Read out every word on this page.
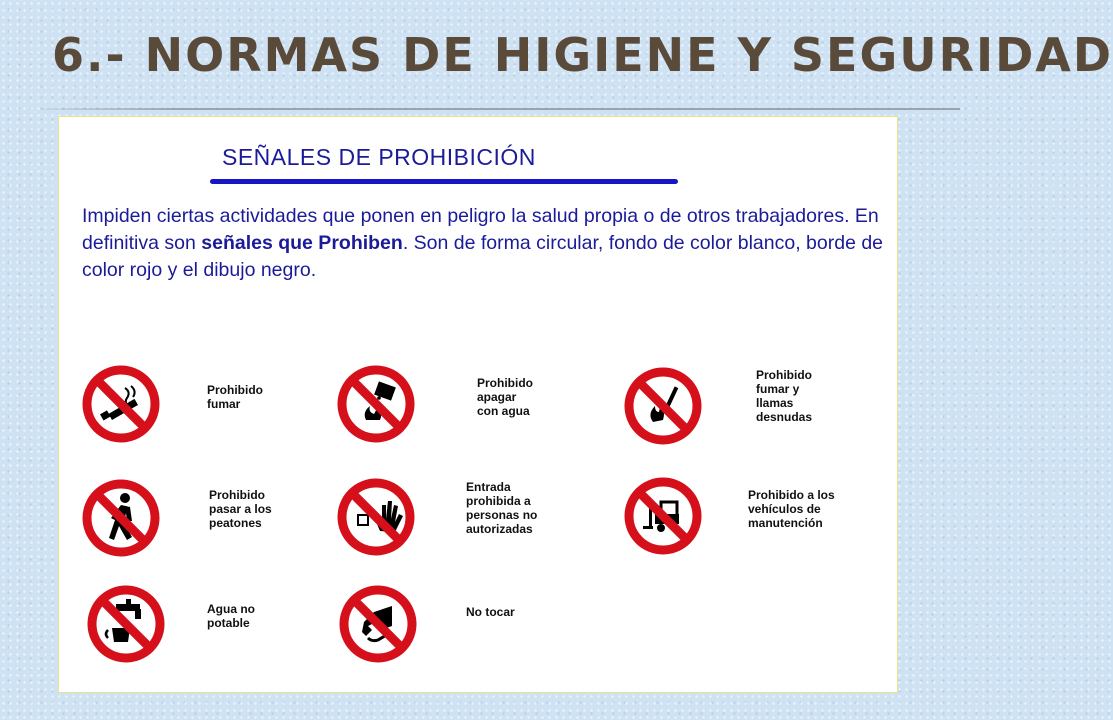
6.- NORMAS DE HIGIENE Y SEGURIDAD
SEÑALES DE PROHIBICIÓN

Impiden ciertas actividades que ponen en peligro la salud propia o de otros trabajadores. En definitiva son señales que Prohiben. Son de forma circular, fondo de color blanco, borde de color rojo y el dibujo negro.

Prohibido
fumar
Prohibido
apagar
con agua
Prohibido
fumar y
llamas
desnudas
Prohibido
pasar a los
peatones
Entrada
prohibida a
personas no
autorizadas
Prohibido a los
vehículos de
manutención
Agua no
potable
No tocar
